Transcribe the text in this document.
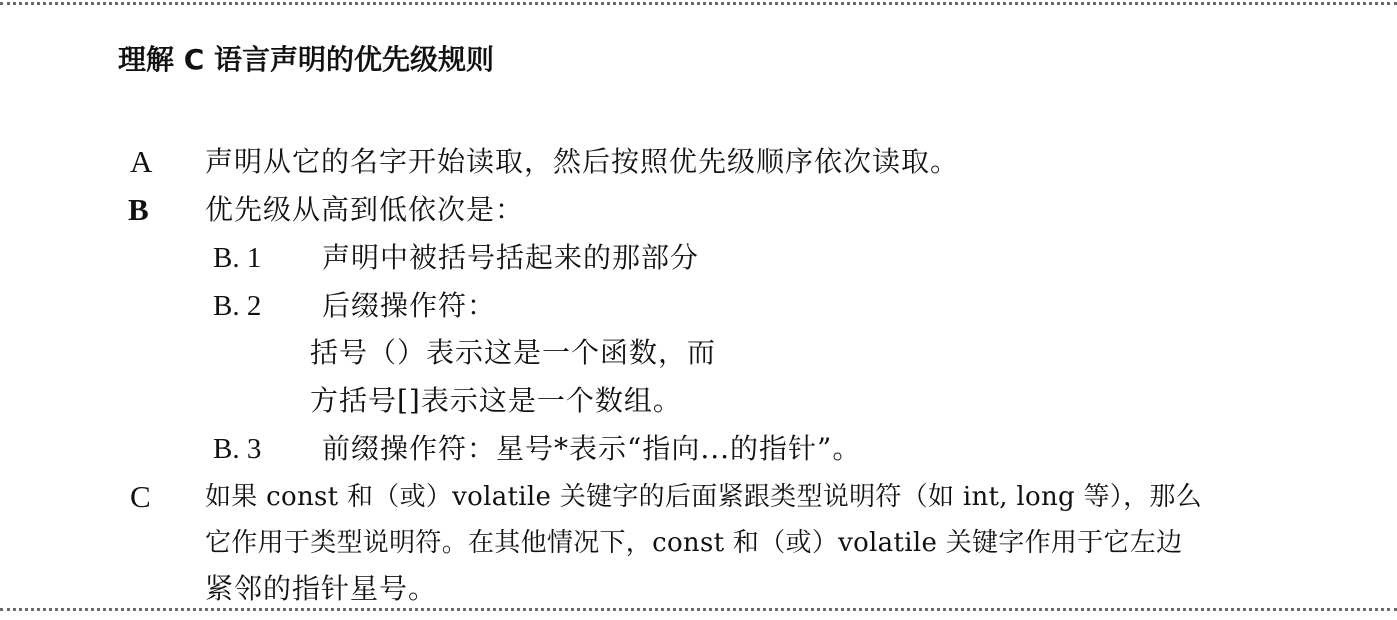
理解 C 语言声明的优先级规则
A 声明从它的名字开始读取，然后按照优先级顺序依次读取。
B 优先级从高到低依次是：
B. 1 声明中被括号括起来的那部分
B. 2 后缀操作符：
括号（）表示这是一个函数，而
方括号[]表示这是一个数组。
B. 3 前缀操作符：星号*表示“指向...的指针”。
C 如果 const 和（或）volatile 关键字的后面紧跟类型说明符（如 int, long 等），那么
它作用于类型说明符。在其他情况下，const 和（或）volatile 关键字作用于它左边
紧邻的指针星号。
